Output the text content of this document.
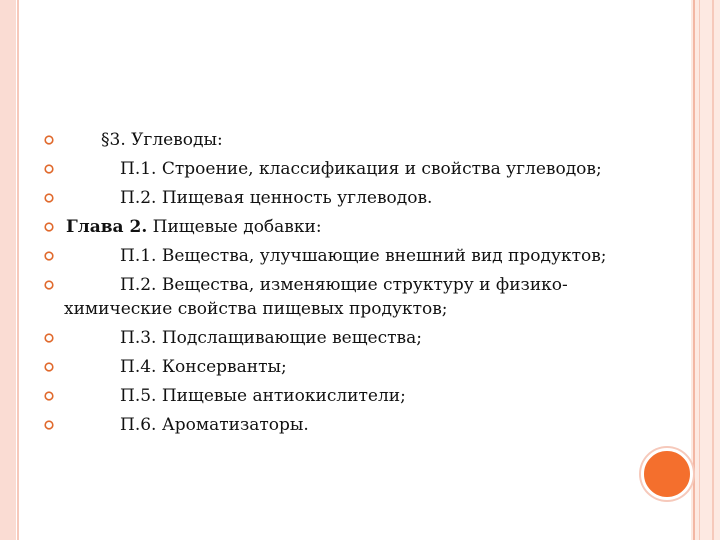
§3. Углеводы:
П.1. Строение, классификация и свойства углеводов;
П.2. Пищевая ценность углеводов.
Глава 2. Пищевые добавки:
П.1. Вещества, улучшающие внешний вид продуктов;
П.2. Вещества, изменяющие структуру и физико-
химические свойства пищевых продуктов;
П.3. Подслащивающие вещества;
П.4. Консерванты;
П.5. Пищевые антиокислители;
П.6. Ароматизаторы.
